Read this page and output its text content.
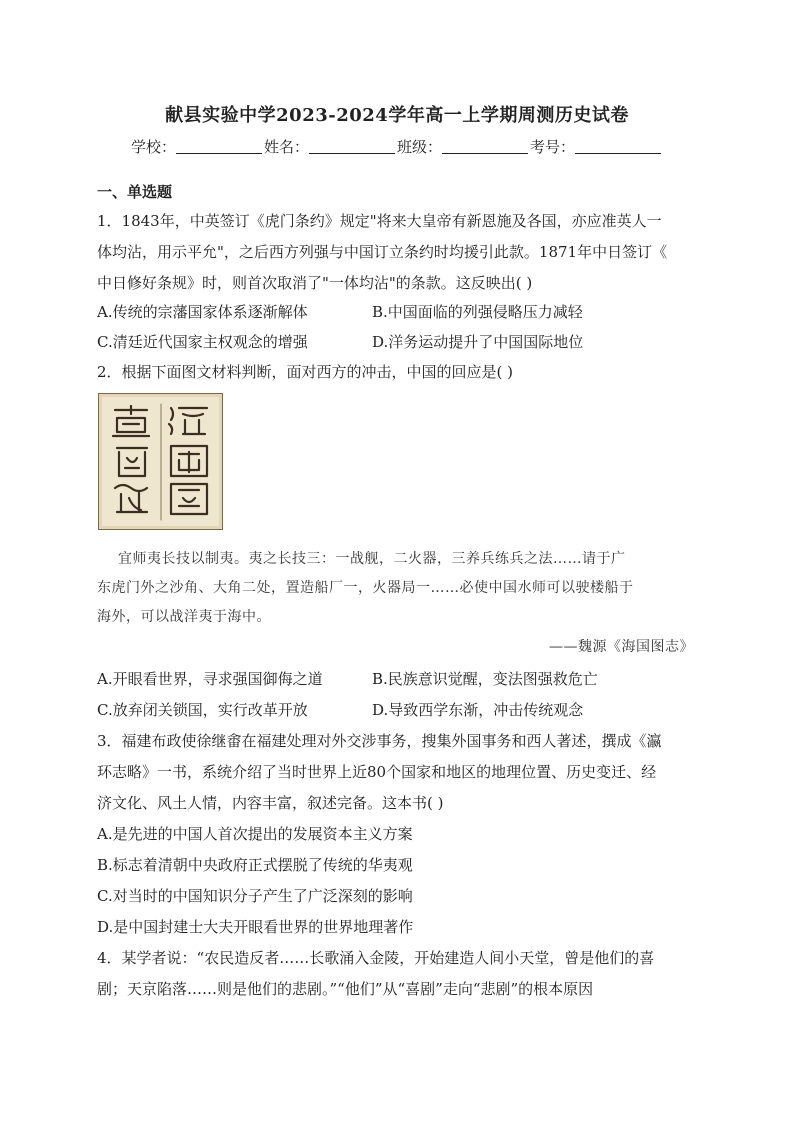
献县实验中学2023-2024学年高一上学期周测历史试卷
学校：	姓名：	班级：	考号：
一、单选题
1．1843年，中英签订《虎门条约》规定"将来大皇帝有新恩施及各国，亦应准英人一
体均沾，用示平允"，之后西方列强与中国订立条约时均援引此款。1871年中日签订《
中日修好条规》时，则首次取消了"一体均沾"的条款。这反映出( )
A.传统的宗藩国家体系逐渐解体	B.中国面临的列强侵略压力减轻
C.清廷近代国家主权观念的增强	D.洋务运动提升了中国国际地位
2．根据下面图文材料判断，面对西方的冲击，中国的回应是( )
宜师夷长技以制夷。夷之长技三：一战舰，二火器，三养兵练兵之法……请于广
东虎门外之沙角、大角二处，置造船厂一，火器局一……必使中国水师可以驶楼船于
海外，可以战洋夷于海中。
——魏源《海国图志》
A.开眼看世界，寻求强国御侮之道	B.民族意识觉醒，变法图强救危亡
C.放弃闭关锁国，实行改革开放	D.导致西学东渐，冲击传统观念
3．福建布政使徐继畬在福建处理对外交涉事务，搜集外国事务和西人著述，撰成《瀛
环志略》一书，系统介绍了当时世界上近80个国家和地区的地理位置、历史变迁、经
济文化、风土人情，内容丰富，叙述完备。这本书( )
A.是先进的中国人首次提出的发展资本主义方案
B.标志着清朝中央政府正式摆脱了传统的华夷观
C.对当时的中国知识分子产生了广泛深刻的影响
D.是中国封建士大夫开眼看世界的世界地理著作
4．某学者说：“农民造反者……长歌涌入金陵，开始建造人间小天堂，曾是他们的喜
剧；天京陷落……则是他们的悲剧。”“他们”从“喜剧”走向“悲剧”的根本原因
